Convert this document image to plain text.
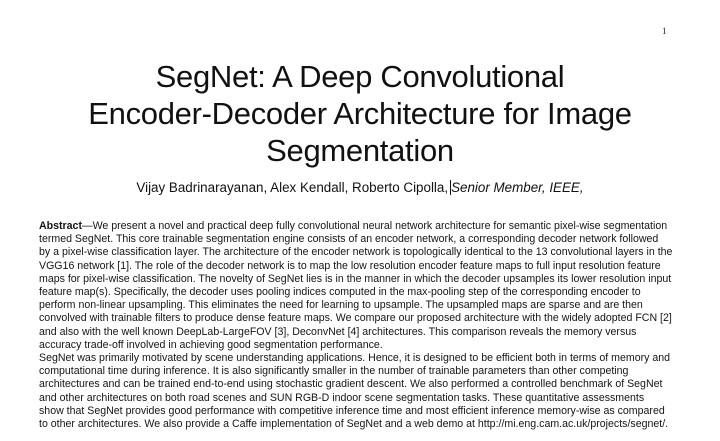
1
SegNet: A Deep Convolutional
Encoder-Decoder Architecture for Image
Segmentation
Vijay Badrinarayanan, Alex Kendall, Roberto Cipolla, Senior Member, IEEE,
Abstract—We present a novel and practical deep fully convolutional neural network architecture for semantic pixel-wise segmentation
termed SegNet. This core trainable segmentation engine consists of an encoder network, a corresponding decoder network followed
by a pixel-wise classification layer. The architecture of the encoder network is topologically identical to the 13 convolutional layers in the
VGG16 network [1]. The role of the decoder network is to map the low resolution encoder feature maps to full input resolution feature
maps for pixel-wise classification. The novelty of SegNet lies is in the manner in which the decoder upsamples its lower resolution input
feature map(s). Specifically, the decoder uses pooling indices computed in the max-pooling step of the corresponding encoder to
perform non-linear upsampling. This eliminates the need for learning to upsample. The upsampled maps are sparse and are then
convolved with trainable filters to produce dense feature maps. We compare our proposed architecture with the widely adopted FCN [2]
and also with the well known DeepLab-LargeFOV [3], DeconvNet [4] architectures. This comparison reveals the memory versus
accuracy trade-off involved in achieving good segmentation performance.
SegNet was primarily motivated by scene understanding applications. Hence, it is designed to be efficient both in terms of memory and
computational time during inference. It is also significantly smaller in the number of trainable parameters than other competing
architectures and can be trained end-to-end using stochastic gradient descent. We also performed a controlled benchmark of SegNet
and other architectures on both road scenes and SUN RGB-D indoor scene segmentation tasks. These quantitative assessments
show that SegNet provides good performance with competitive inference time and most efficient inference memory-wise as compared
to other architectures. We also provide a Caffe implementation of SegNet and a web demo at http://mi.eng.cam.ac.uk/projects/segnet/.
